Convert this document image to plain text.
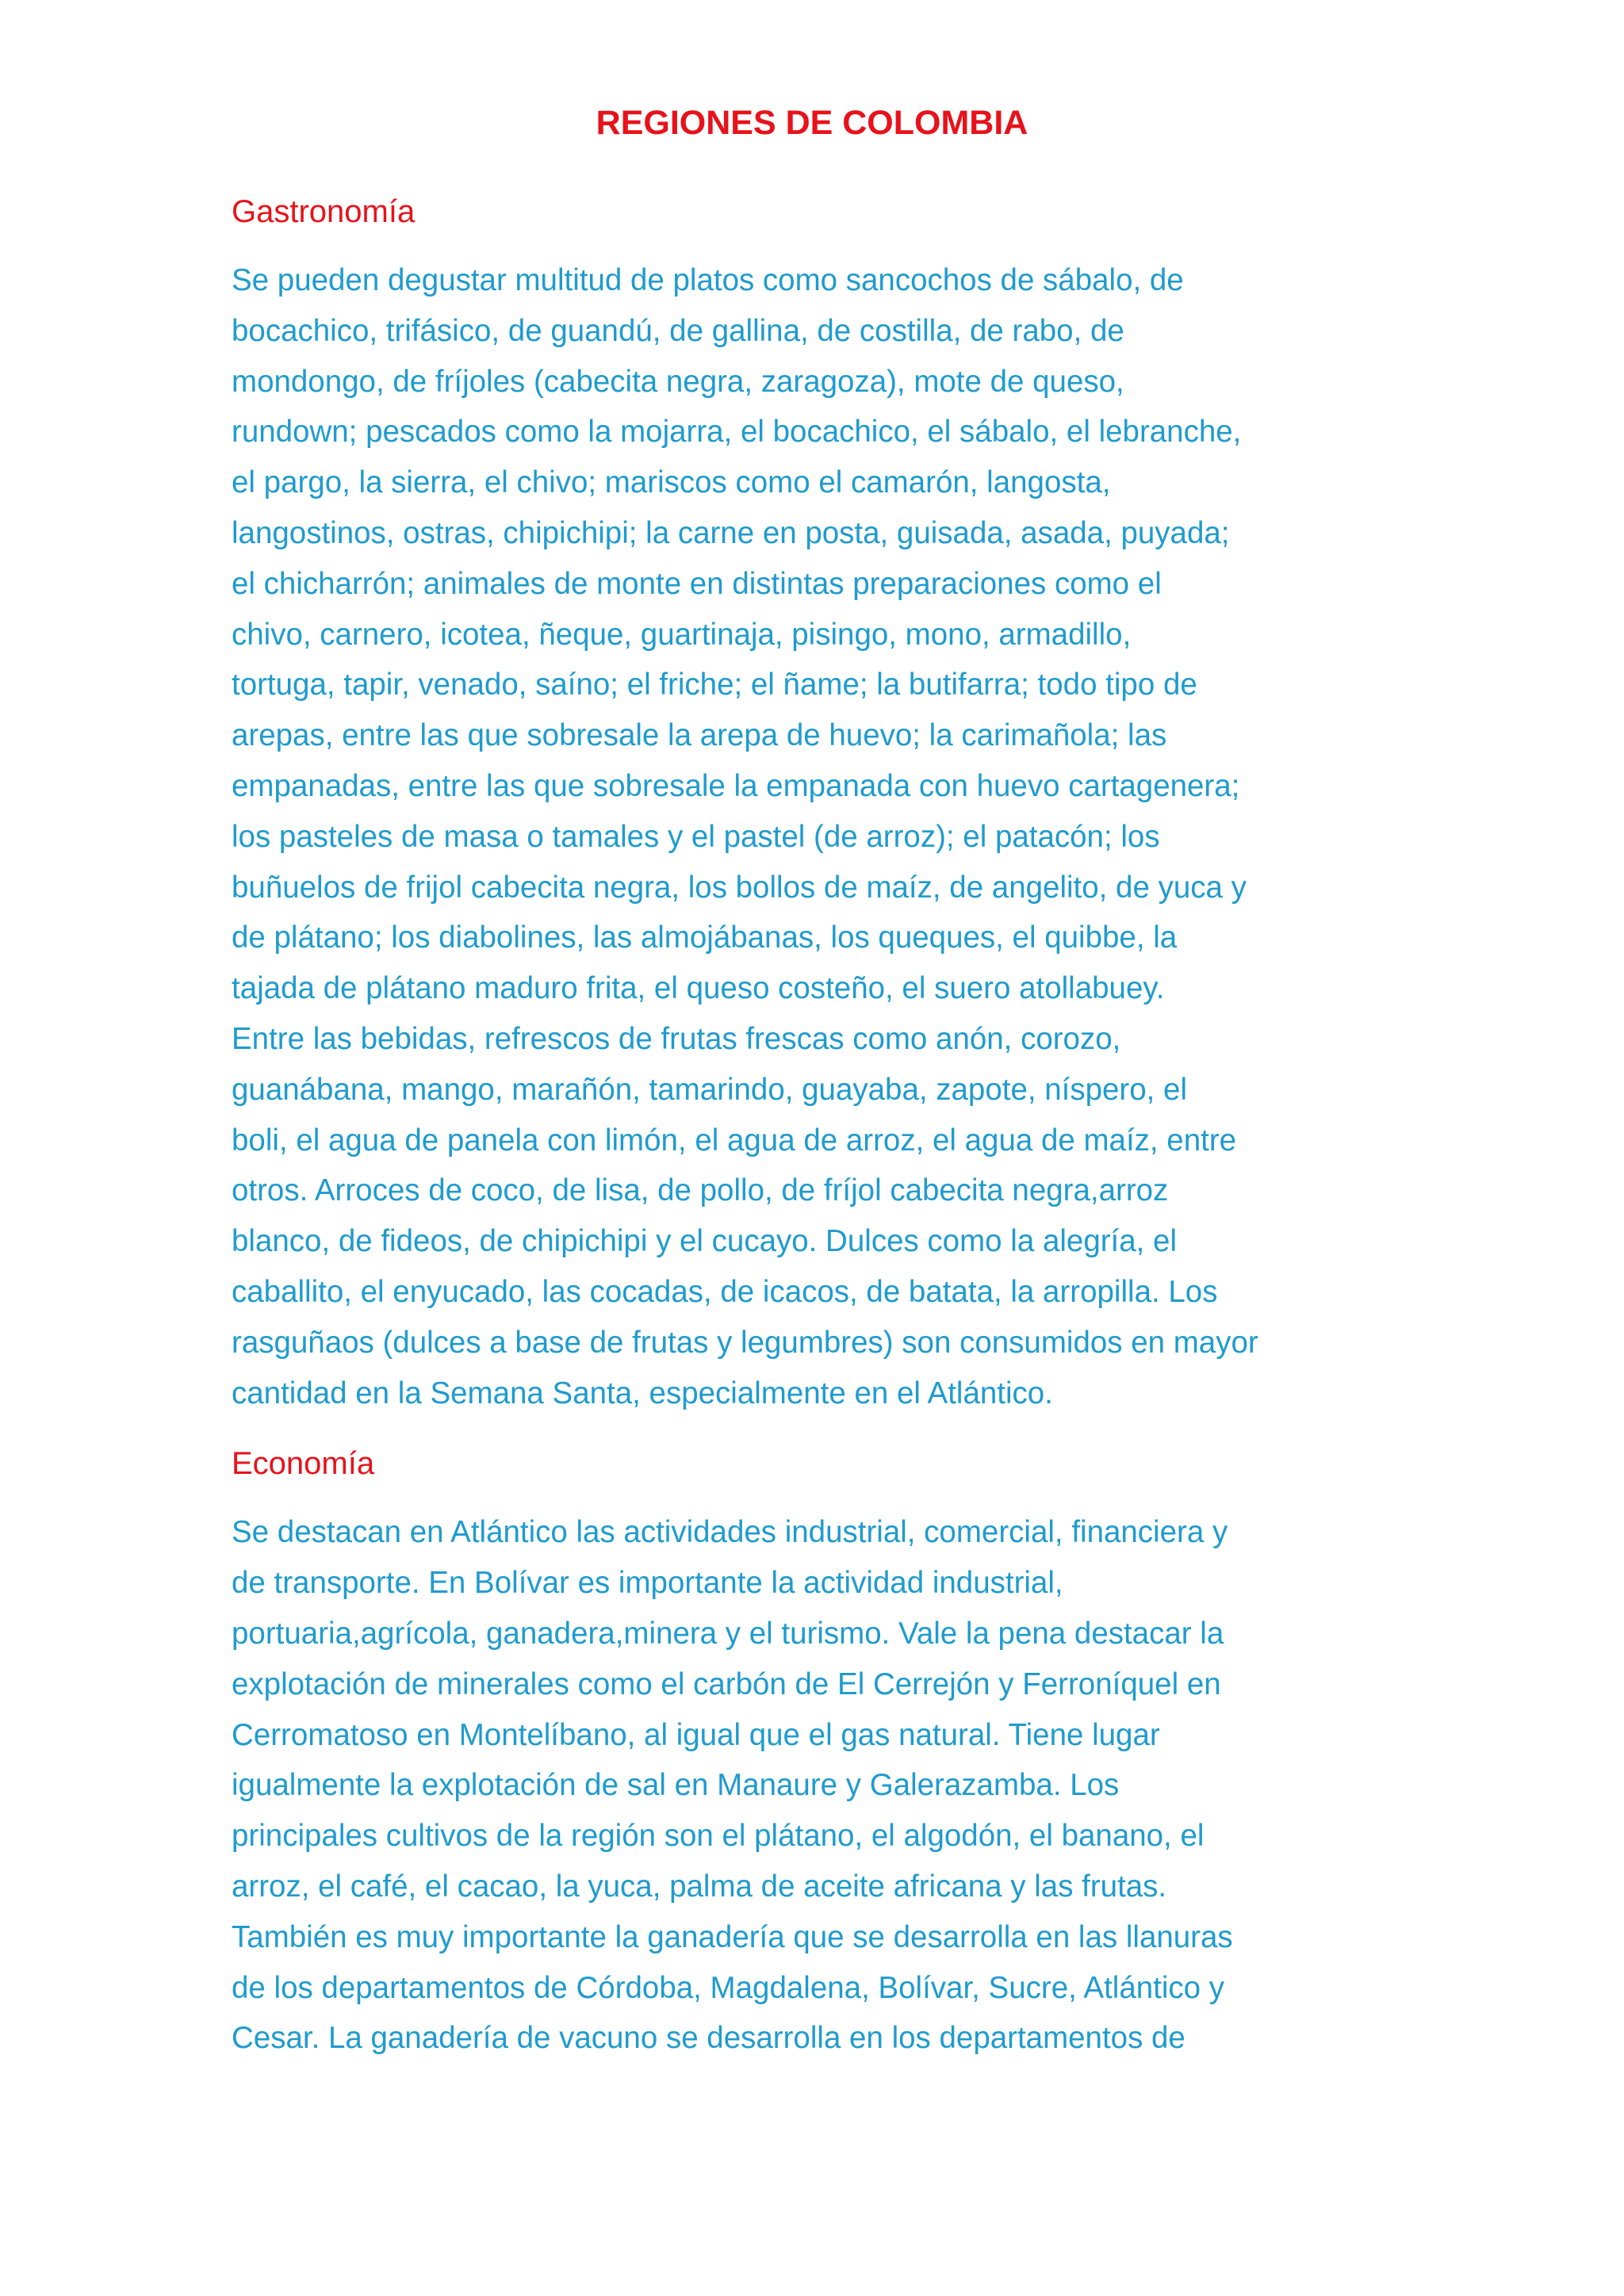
REGIONES DE COLOMBIA
Gastronomía

Se pueden degustar multitud de platos como sancochos de sábalo, de
bocachico, trifásico, de guandú, de gallina, de costilla, de rabo, de
mondongo, de fríjoles (cabecita negra, zaragoza), mote de queso,
rundown; pescados como la mojarra, el bocachico, el sábalo, el lebranche,
el pargo, la sierra, el chivo; mariscos como el camarón, langosta,
langostinos, ostras, chipichipi; la carne en posta, guisada, asada, puyada;
el chicharrón; animales de monte en distintas preparaciones como el
chivo, carnero, icotea, ñeque, guartinaja, pisingo, mono, armadillo,
tortuga, tapir, venado, saíno; el friche; el ñame; la butifarra; todo tipo de
arepas, entre las que sobresale la arepa de huevo; la carimañola; las
empanadas, entre las que sobresale la empanada con huevo cartagenera;
los pasteles de masa o tamales y el pastel (de arroz); el patacón; los
buñuelos de frijol cabecita negra, los bollos de maíz, de angelito, de yuca y
de plátano; los diabolines, las almojábanas, los queques, el quibbe, la
tajada de plátano maduro frita, el queso costeño, el suero atollabuey.
Entre las bebidas, refrescos de frutas frescas como anón, corozo,
guanábana, mango, marañón, tamarindo, guayaba, zapote, níspero, el
boli, el agua de panela con limón, el agua de arroz, el agua de maíz, entre
otros. Arroces de coco, de lisa, de pollo, de fríjol cabecita negra,arroz
blanco, de fideos, de chipichipi y el cucayo. Dulces como la alegría, el
caballito, el enyucado, las cocadas, de icacos, de batata, la arropilla. Los
rasguñaos (dulces a base de frutas y legumbres) son consumidos en mayor
cantidad en la Semana Santa, especialmente en el Atlántico.

Economía

Se destacan en Atlántico las actividades industrial, comercial, financiera y
de transporte. En Bolívar es importante la actividad industrial,
portuaria,agrícola, ganadera,minera y el turismo. Vale la pena destacar la
explotación de minerales como el carbón de El Cerrejón y Ferroníquel en
Cerromatoso en Montelíbano, al igual que el gas natural. Tiene lugar
igualmente la explotación de sal en Manaure y Galerazamba. Los
principales cultivos de la región son el plátano, el algodón, el banano, el
arroz, el café, el cacao, la yuca, palma de aceite africana y las frutas.
También es muy importante la ganadería que se desarrolla en las llanuras
de los departamentos de Córdoba, Magdalena, Bolívar, Sucre, Atlántico y
Cesar. La ganadería de vacuno se desarrolla en los departamentos de
